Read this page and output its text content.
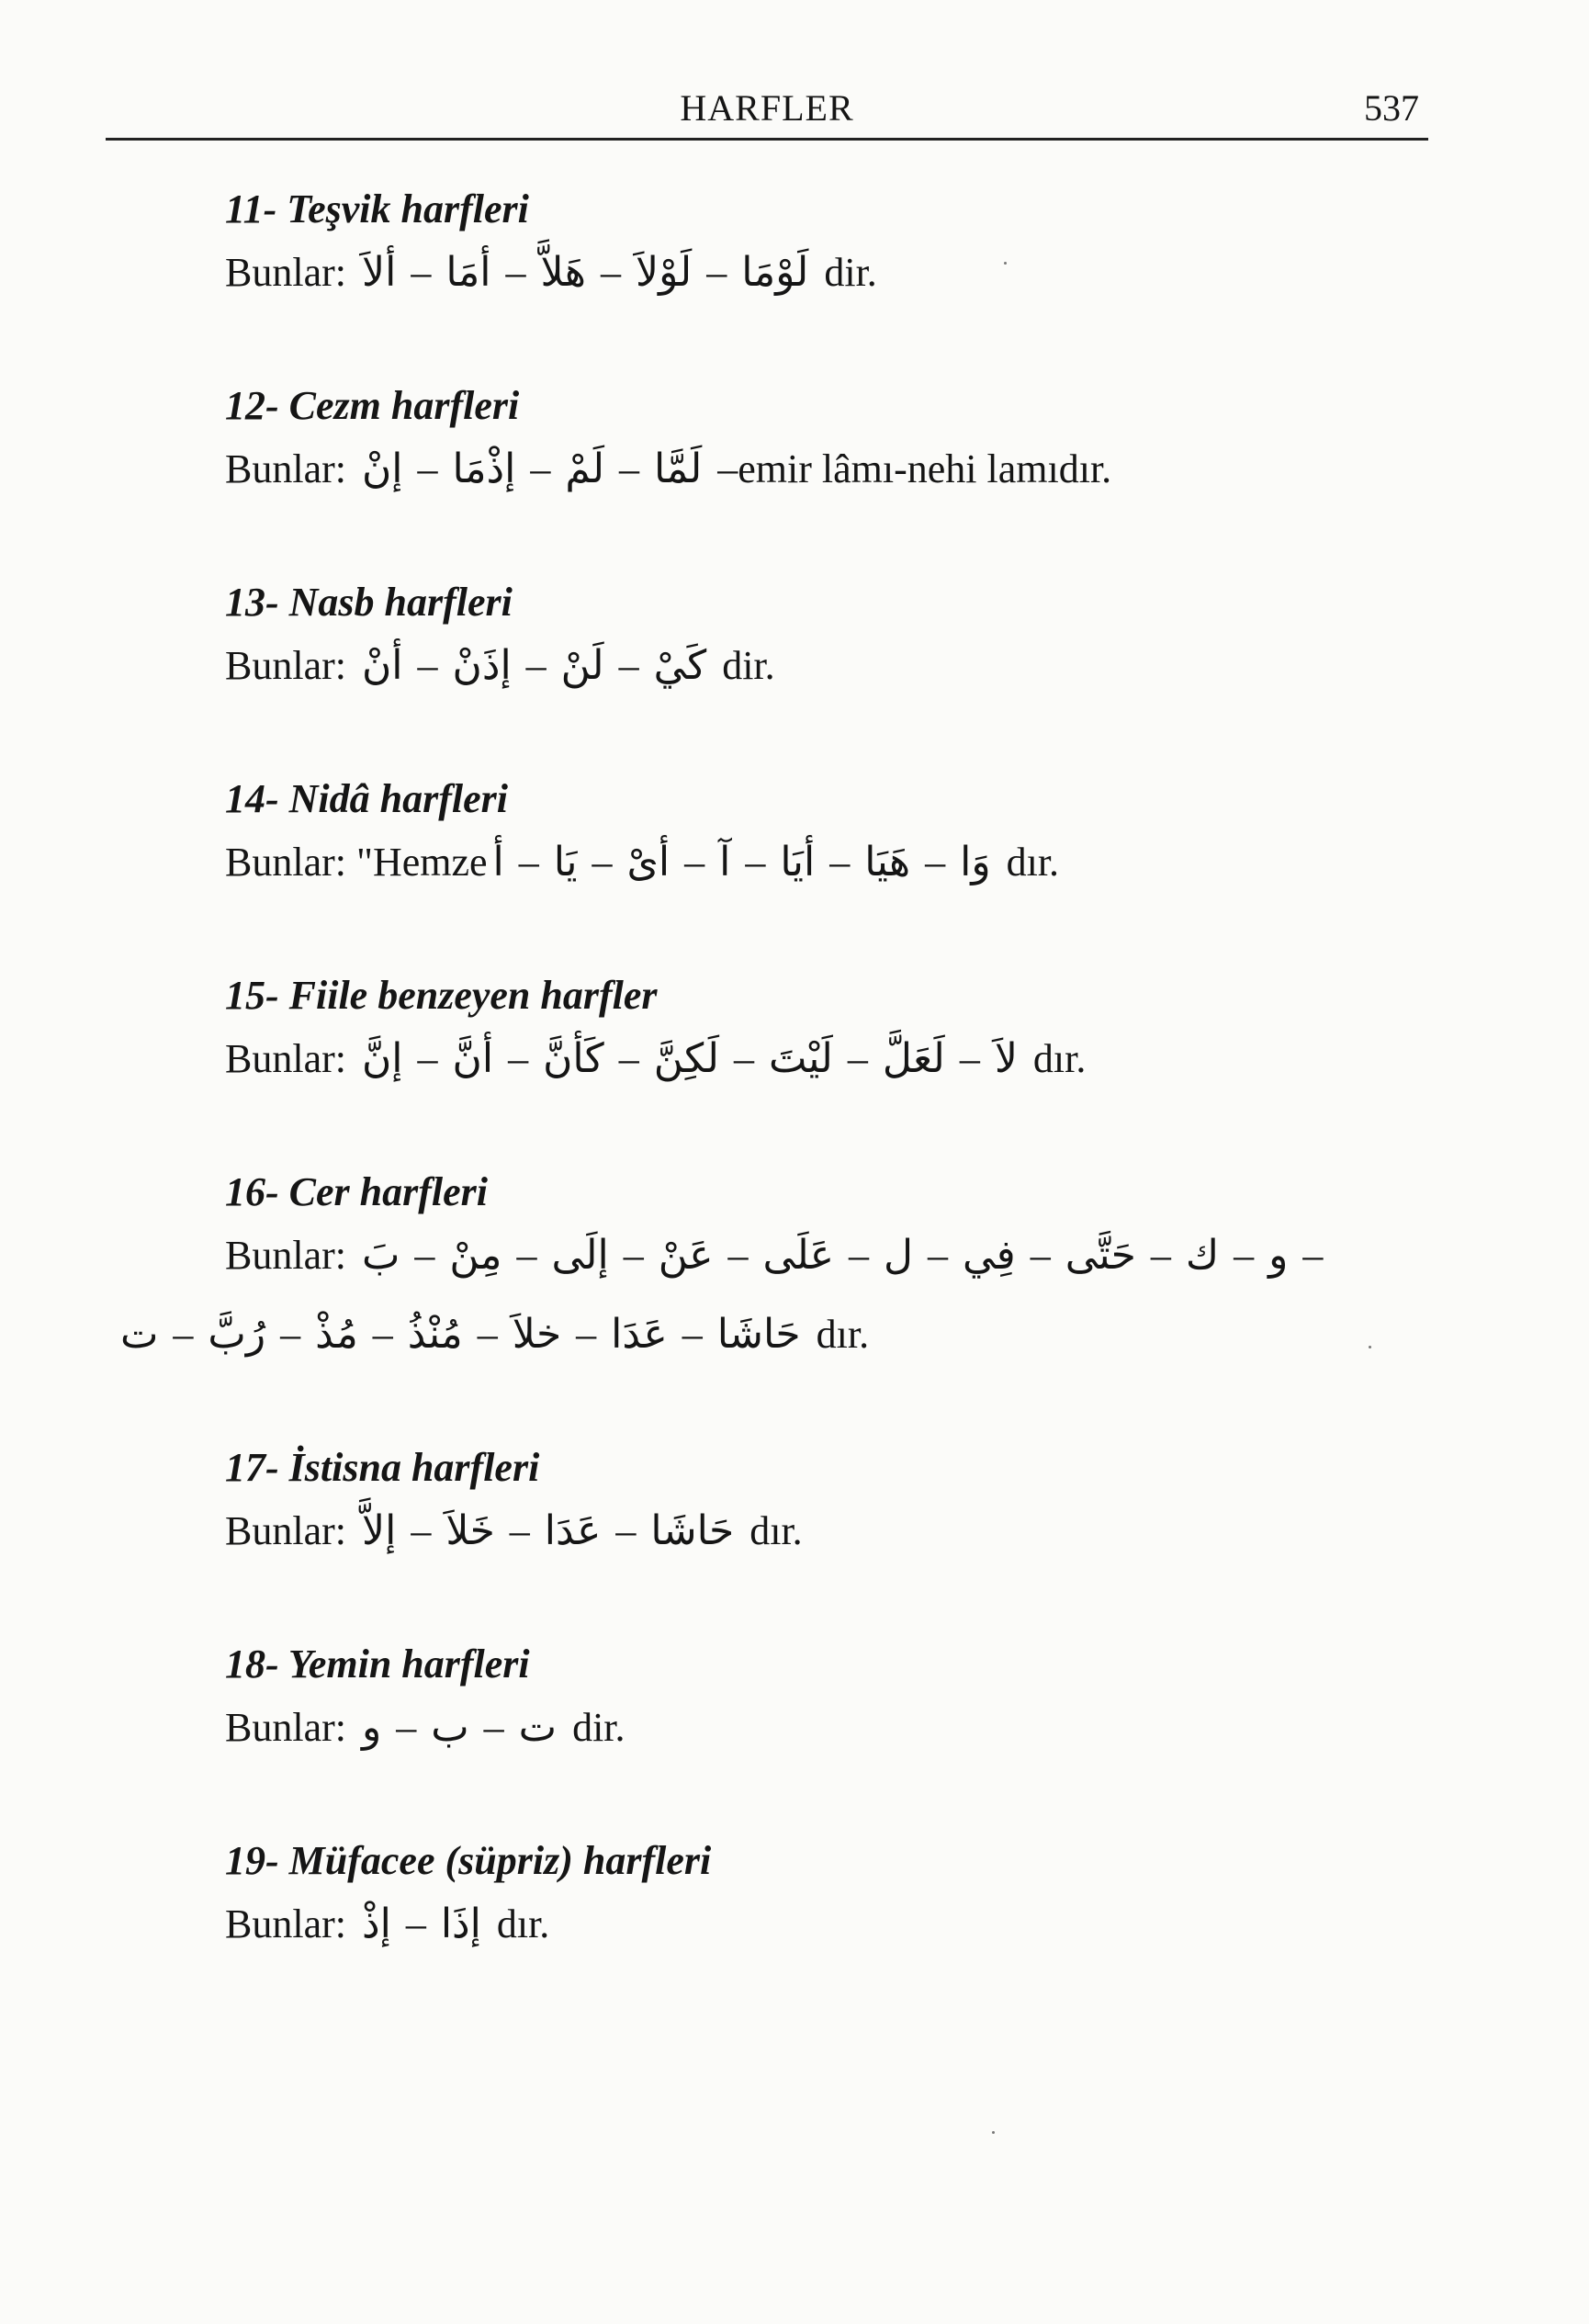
HARFLER	537
11- Teşvik harfleri
Bunlar: ألاَ – أمَا – هَلاَّ – لَوْلاَ – لَوْمَا dir.
12- Cezm harfleri
Bunlar: إنْ – إذْمَا – لَمْ – لَمَّا –emir lâmı-nehi lamıdır.
13- Nasb harfleri
Bunlar: أنْ – إذَنْ – لَنْ – كَيْ dir.
14- Nidâ harfleri
Bunlar: "Hemze أ – يَا – أىْ – آ – أيَا – هَيَا – وَا dır.
15- Fiile benzeyen harfler
Bunlar: إنَّ – أنَّ – كَأنَّ – لَكِنَّ – لَيْتَ – لَعَلَّ – لاَ dır.
16- Cer harfleri
Bunlar: بَ – مِنْ – إلَى – عَنْ – عَلَى – ل – فِي – حَتَّى – ك – و –
ت – رُبَّ – مُذْ – مُنْذُ – خلاَ – عَدَا – حَاشَا dır.
17- İstisna harfleri
Bunlar: إلاَّ – خَلاَ – عَدَا – حَاشَا dır.
18- Yemin harfleri
Bunlar: و – ب – ت dir.
19- Müfacee (süpriz) harfleri
Bunlar: إذْ – إذَا dır.
